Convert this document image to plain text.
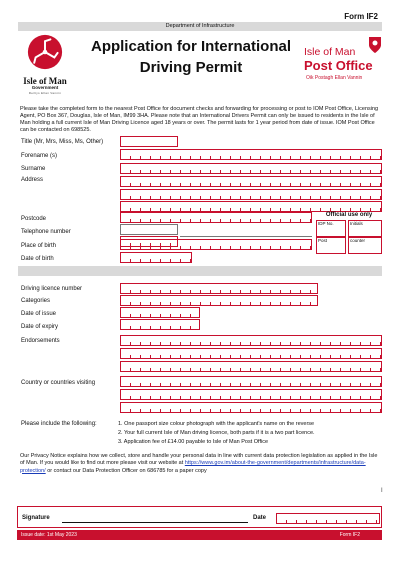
Form IF2
Department of Infrastructure
Isle of Man
Government
Reiltys Ellan Vannin
Application for International
Driving Permit
Isle of Man
Post Office
Oik Postagh Ellan Vannin
Please take the completed form to the nearest Post Office for document checks and forwarding for processing or post to IOM Post Office, Licensing Agent, PO Box 367, Douglas, Isle of Man, IM99 3HA. Please note that an International Drivers Permit can only be issued to residents in the Isle of Man holding a full current Isle of Man Driving Licence aged 18 years or over. The permit lasts for 1 year period from date of issue. IOM Post Office can be contacted on 698525.
Title (Mr, Mrs, Miss, Ms, Other)
Forename (s)
Surname
Address
Postcode
Telephone number
Place of birth
Date of birth
Official use only
IDP No.	Initials
Post	counter
Driving licence number
Categories
Date of issue
Date of expiry
Endorsements
Country or countries visiting
Please include the following:	1. One passport size colour photograph with the applicant's name on the reverse
2. Your full current Isle of Man driving licence, both parts if it is a two part licence.
3. Application fee of £14.00 payable to Isle of Man Post Office
Our Privacy Notice explains how we collect, store and handle your personal data in line with current data protection legislation as applied in the Isle of Man. If you would like to find out more please visit our website at https://www.gov.im/about-the-government/departments/infrastructure/data-protection/ or contact our Data Protection Officer on 686785 for a paper copy
I
Signature	Date
Issue date: 1st May 2023	Form IF2
